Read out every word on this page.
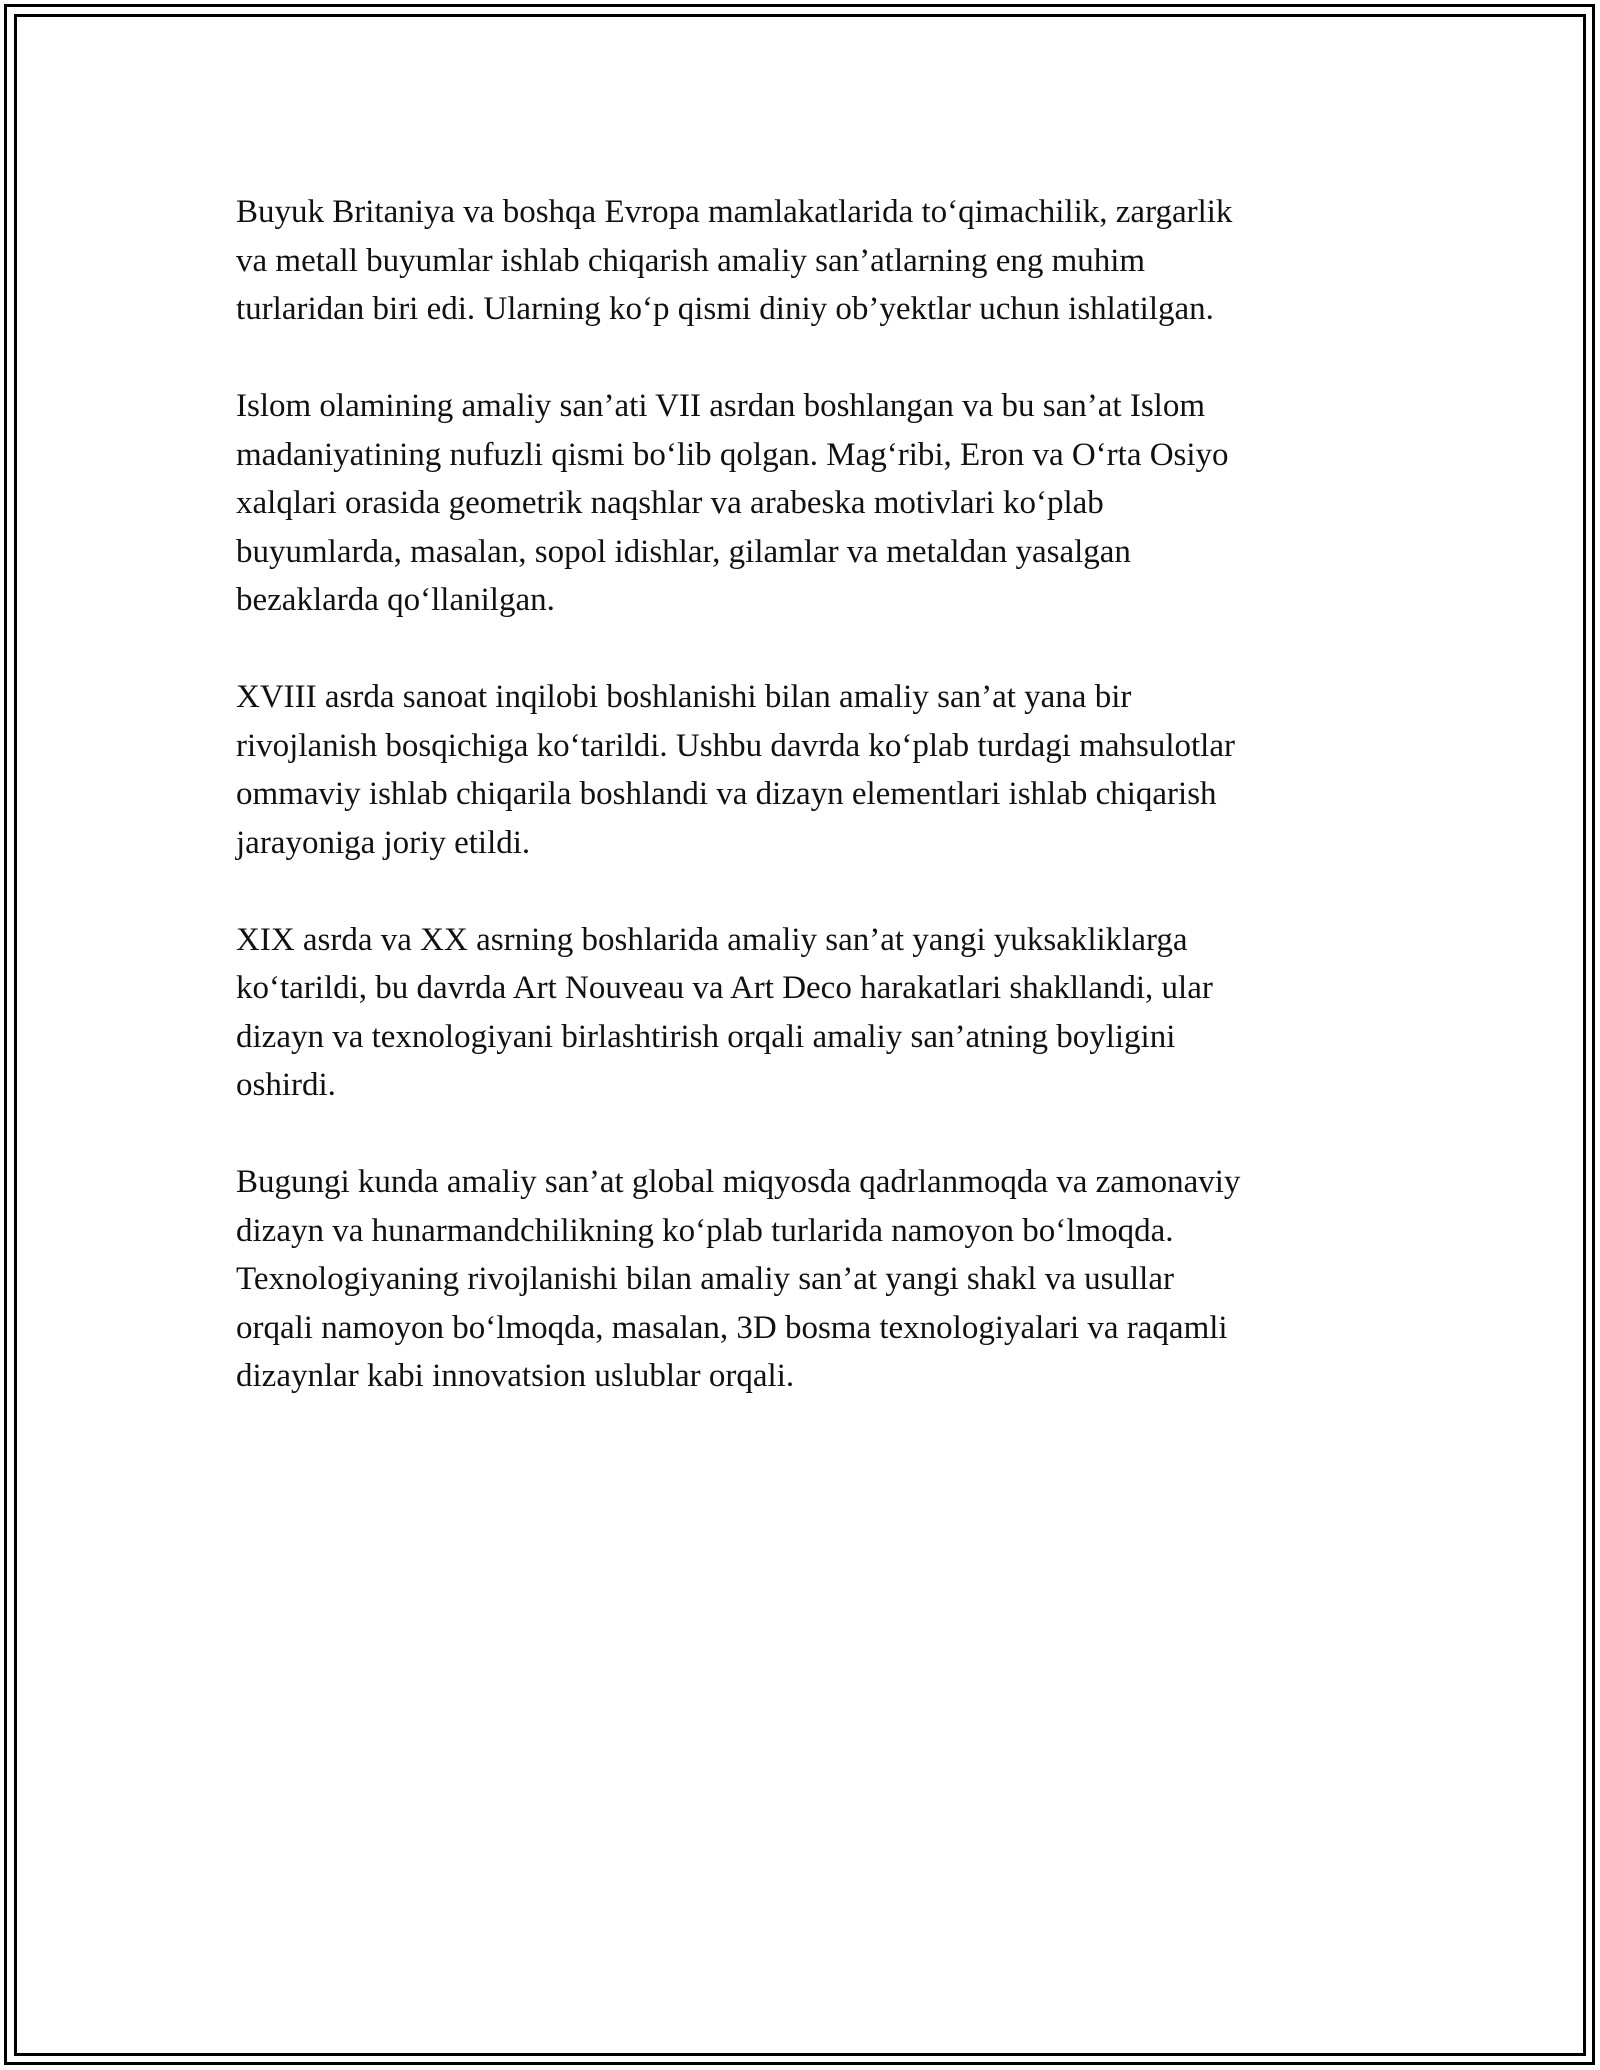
Buyuk Britaniya va boshqa Evropa mamlakatlarida to‘qimachilik, zargarlik
va metall buyumlar ishlab chiqarish amaliy san’atlarning eng muhim
turlaridan biri edi. Ularning ko‘p qismi diniy ob’yektlar uchun ishlatilgan.

Islom olamining amaliy san’ati VII asrdan boshlangan va bu san’at Islom
madaniyatining nufuzli qismi bo‘lib qolgan. Mag‘ribi, Eron va O‘rta Osiyo
xalqlari orasida geometrik naqshlar va arabeska motivlari ko‘plab
buyumlarda, masalan, sopol idishlar, gilamlar va metaldan yasalgan
bezaklarda qo‘llanilgan.

XVIII asrda sanoat inqilobi boshlanishi bilan amaliy san’at yana bir
rivojlanish bosqichiga ko‘tarildi. Ushbu davrda ko‘plab turdagi mahsulotlar
ommaviy ishlab chiqarila boshlandi va dizayn elementlari ishlab chiqarish
jarayoniga joriy etildi.

XIX asrda va XX asrning boshlarida amaliy san’at yangi yuksakliklarga
ko‘tarildi, bu davrda Art Nouveau va Art Deco harakatlari shakllandi, ular
dizayn va texnologiyani birlashtirish orqali amaliy san’atning boyligini
oshirdi.

Bugungi kunda amaliy san’at global miqyosda qadrlanmoqda va zamonaviy
dizayn va hunarmandchilikning ko‘plab turlarida namoyon bo‘lmoqda.
Texnologiyaning rivojlanishi bilan amaliy san’at yangi shakl va usullar
orqali namoyon bo‘lmoqda, masalan, 3D bosma texnologiyalari va raqamli
dizaynlar kabi innovatsion uslublar orqali.
